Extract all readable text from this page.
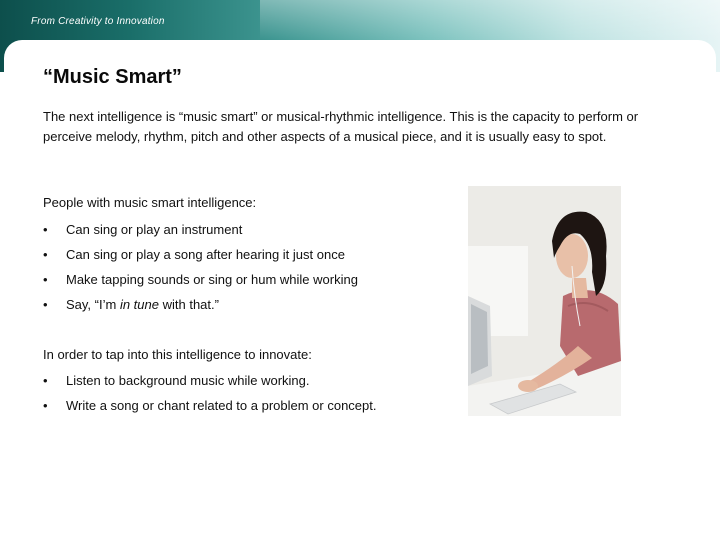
From Creativity to Innovation
“Music Smart”

The next intelligence is “music smart” or musical-rhythmic intelligence. This is the capacity to perform or perceive melody, rhythm, pitch and other aspects of a musical piece, and it is usually easy to spot.

People with music smart intelligence:
• Can sing or play an instrument
• Can sing or play a song after hearing it just once
• Make tapping sounds or sing or hum while working
• Say, “I’m in tune with that.”
In order to tap into this intelligence to innovate:
• Listen to background music while working.
• Write a song or chant related to a problem or concept.
